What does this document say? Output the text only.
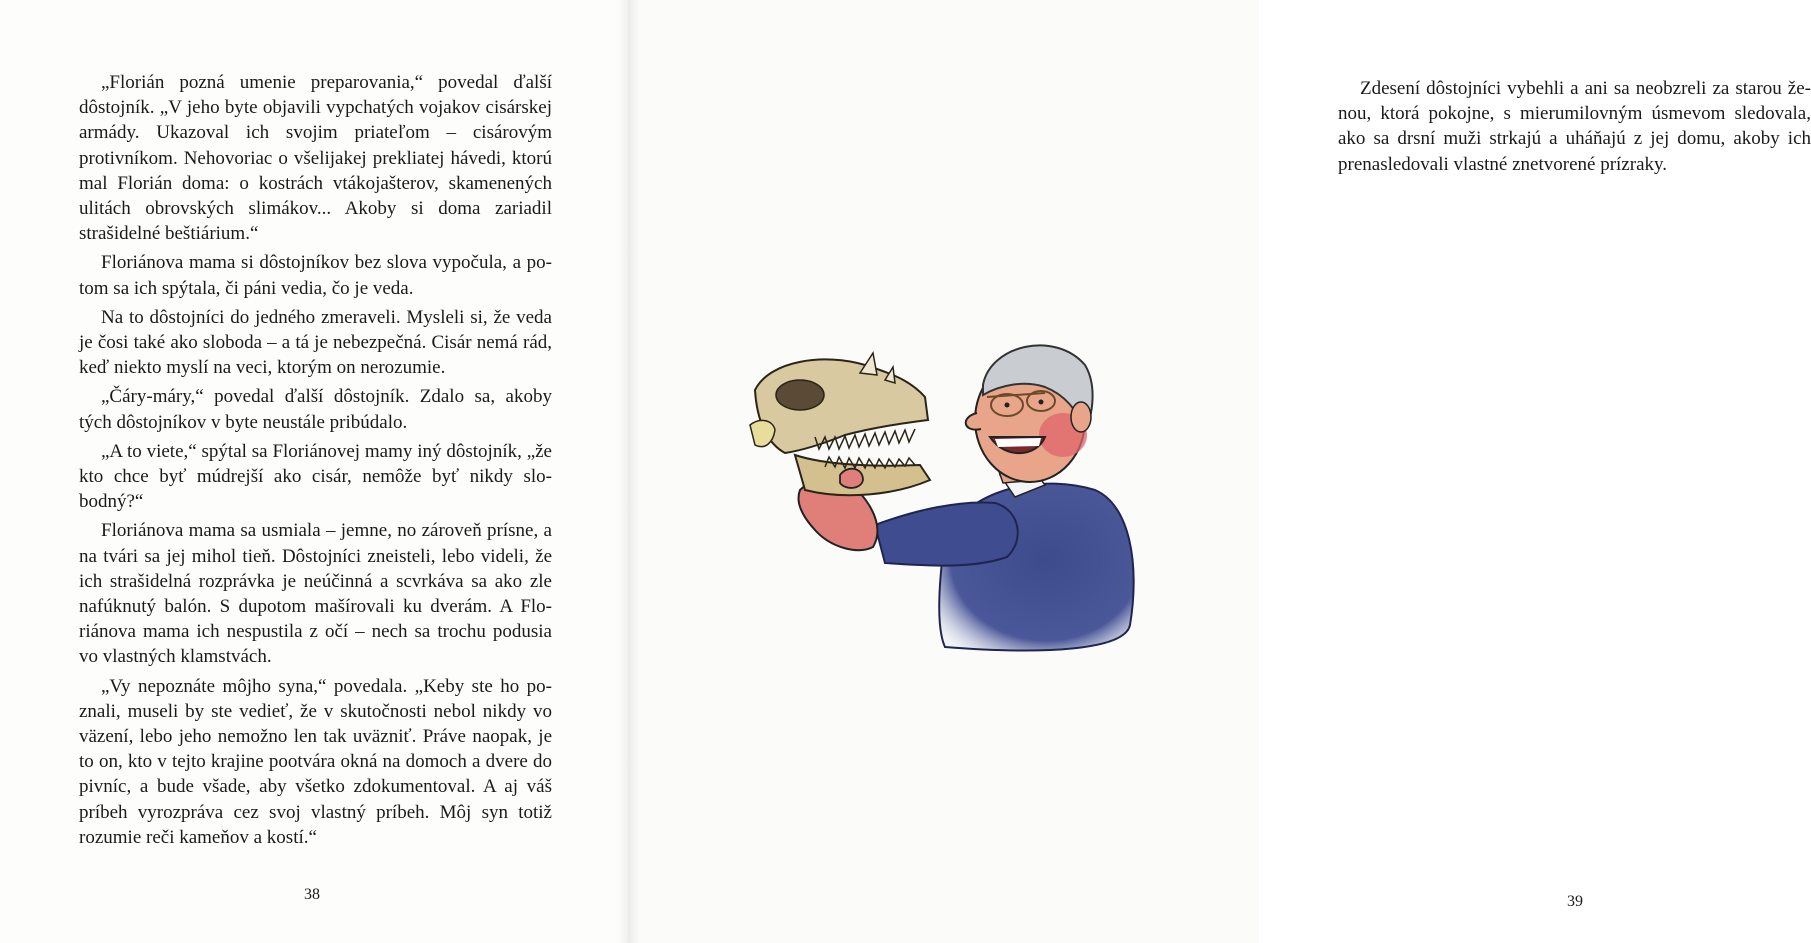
„Florián pozná umenie preparovania,“ povedal ďalší dôstojník. „V jeho byte objavili vypchatých vojakov cisárskej armády. Ukazoval ich svojim priateľom – cisárovým protivníkom. Nehovoriac o všelijakej prekliatej hávedi, ktorú mal Florián doma: o kostrách vtákojašterov, skamenených ulitách obrovských slimákov... Akoby si doma zariadil strašidelné beštiárium.“

Floriánova mama si dôstojníkov bez slova vypočula, a potom sa ich spýtala, či páni vedia, čo je veda.

Na to dôstojníci do jedného zmeraveli. Mysleli si, že veda je čosi také ako sloboda – a tá je nebezpečná. Cisár nemá rád, keď niekto myslí na veci, ktorým on nerozumie.

„Čáry-máry,“ povedal ďalší dôstojník. Zdalo sa, akoby tých dôstojníkov v byte neustále pribúdalo.

„A to viete,“ spýtal sa Floriánovej mamy iný dôstojník, „že kto chce byť múdrejší ako cisár, nemôže byť nikdy slobodný?“

Floriánova mama sa usmiala – jemne, no zároveň prísne, a na tvári sa jej mihol tieň. Dôstojníci zneisteli, lebo videli, že ich strašidelná rozprávka je neúčinná a scvrkáva sa ako zle nafúknutý balón. S dupotom mašírovali ku dverám. A Floriánova mama ich nespustila z očí – nech sa trochu podusia vo vlastných klamstvách.

„Vy nepoznáte môjho syna,“ povedala. „Keby ste ho poznali, museli by ste vedieť, že v skutočnosti nebol nikdy vo väzení, lebo jeho nemožno len tak uväzniť. Práve naopak, je to on, kto v tejto krajine pootvára okná na domoch a dvere do pivníc, a bude všade, aby všetko zdokumentoval. A aj váš príbeh vyrozpráva cez svoj vlastný príbeh. Môj syn totiž rozumie reči kameňov a kostí.“

38

Zdesení dôstojníci vybehli a ani sa neobzreli za starou ženou, ktorá pokojne, s mierumilovným úsmevom sledovala, ako sa drsní muži strkajú a uháňajú z jej domu, akoby ich prenasledovali vlastné znetvorené prízraky.

39
